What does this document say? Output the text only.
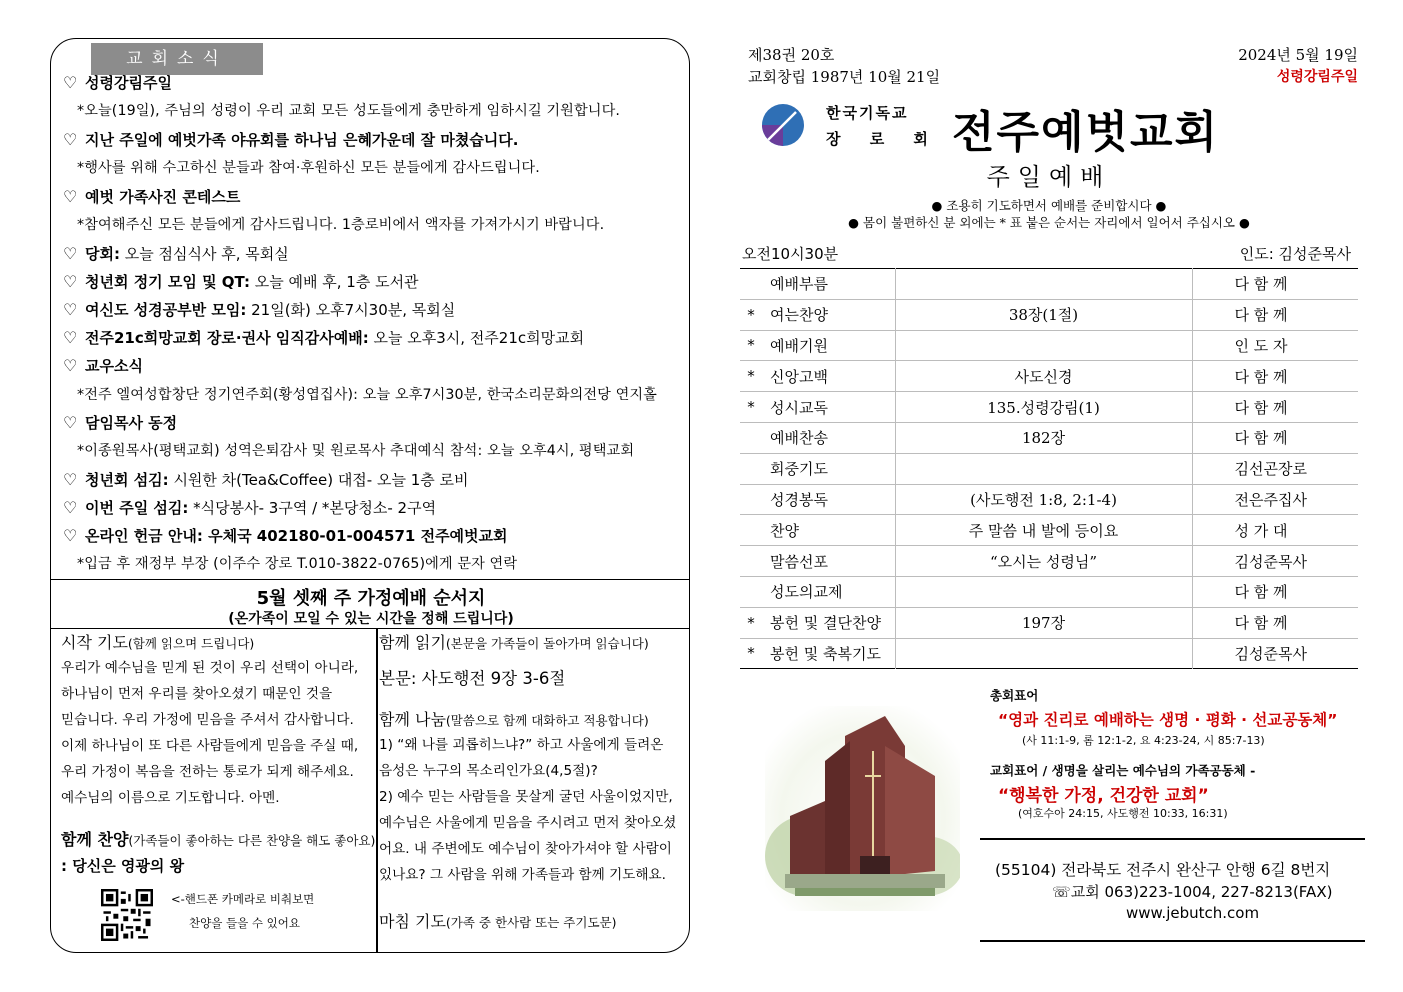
교회소식
♡ 성령강림주일
*오늘(19일), 주님의 성령이 우리 교회 모든 성도들에게 충만하게 임하시길 기원합니다.
♡ 지난 주일에 예벗가족 야유회를 하나님 은혜가운데 잘 마쳤습니다.
*행사를 위해 수고하신 분들과 참여·후원하신 모든 분들에게 감사드립니다.
♡ 예벗 가족사진 콘테스트
*참여해주신 모든 분들에게 감사드립니다. 1층로비에서 액자를 가져가시기 바랍니다.
♡ 당회: 오늘 점심식사 후, 목회실
♡ 청년회 정기 모임 및 QT: 오늘 예배 후, 1층 도서관
♡ 여신도 성경공부반 모임: 21일(화) 오후7시30분, 목회실
♡ 전주21c희망교회 장로·권사 임직감사예배: 오늘 오후3시, 전주21c희망교회
♡ 교우소식
*전주 엘여성합창단 정기연주회(황성엽집사): 오늘 오후7시30분, 한국소리문화의전당 연지홀
♡ 담임목사 동정
*이종원목사(평택교회) 성역은퇴감사 및 원로목사 추대예식 참석: 오늘 오후4시, 평택교회
♡ 청년회 섬김: 시원한 차(Tea&Coffee) 대접- 오늘 1층 로비
♡ 이번 주일 섬김: *식당봉사- 3구역 / *본당청소- 2구역
♡ 온라인 헌금 안내: 우체국 402180-01-004571 전주예벗교회
*입금 후 재정부 부장 (이주수 장로 T.010-3822-0765)에게 문자 연락
5월 셋째 주 가정예배 순서지
(온가족이 모일 수 있는 시간을 정해 드립니다)
시작 기도(함께 읽으며 드립니다)
우리가 예수님을 믿게 된 것이 우리 선택이 아니라,
하나님이 먼저 우리를 찾아오셨기 때문인 것을
믿습니다. 우리 가정에 믿음을 주셔서 감사합니다.
이제 하나님이 또 다른 사람들에게 믿음을 주실 때,
우리 가정이 복음을 전하는 통로가 되게 해주세요.
예수님의 이름으로 기도합니다. 아멘.
함께 찬양(가족들이 좋아하는 다른 찬양을 해도 좋아요)
: 당신은 영광의 왕
<-핸드폰 카메라로 비춰보면
찬양을 들을 수 있어요
함께 읽기(본문을 가족들이 돌아가며 읽습니다)
본문: 사도행전 9장 3-6절
함께 나눔(말씀으로 함께 대화하고 적용합니다)
1) “왜 나를 괴롭히느냐?” 하고 사울에게 들려온
음성은 누구의 목소리인가요(4,5절)?
2) 예수 믿는 사람들을 못살게 굴던 사울이었지만,
예수님은 사울에게 믿음을 주시려고 먼저 찾아오셨
어요. 내 주변에도 예수님이 찾아가셔야 할 사람이
있나요? 그 사람을 위해 가족들과 함께 기도해요.
마침 기도(가족 중 한사람 또는 주기도문)
제38권 20호
교회창립 1987년 10월 21일
2024년 5월 19일
성령강림주일
한국기독교
장 로 회 전주예벗교회
주일예배
● 조용히 기도하면서 예배를 준비합시다 ●
● 몸이 불편하신 분 외에는 * 표 붙은 순서는 자리에서 일어서 주십시오 ●
오전10시30분	인도: 김성준목사

	예배부름		다 함 께
*	여는찬양	38장(1절)	다 함 께
*	예배기원		인 도 자
*	신앙고백	사도신경	다 함 께
*	성시교독	135.성령강림(1)	다 함 께

	예배찬송	182장	다 함 께

	회중기도		김선곤장로

	성경봉독	(사도행전 1:8, 2:1-4)	전은주집사

	찬양	주 말씀 내 발에 등이요	성 가 대

	말씀선포	“오시는 성령님”	김성준목사

	성도의교제		다 함 께
*	봉헌 및 결단찬양	197장	다 함 께
*	봉헌 및 축복기도		김성준목사
총회표어
“영과 진리로 예배하는 생명 · 평화 · 선교공동체”
(사 11:1-9, 롬 12:1-2, 요 4:23-24, 시 85:7-13)
교회표어 / 생명을 살리는 예수님의 가족공동체 -
“행복한 가정, 건강한 교회”
(여호수아 24:15, 사도행전 10:33, 16:31)
(55104) 전라북도 전주시 완산구 안행 6길 8번지
☏교회 063)223-1004, 227-8213(FAX)
www.jebutch.com
